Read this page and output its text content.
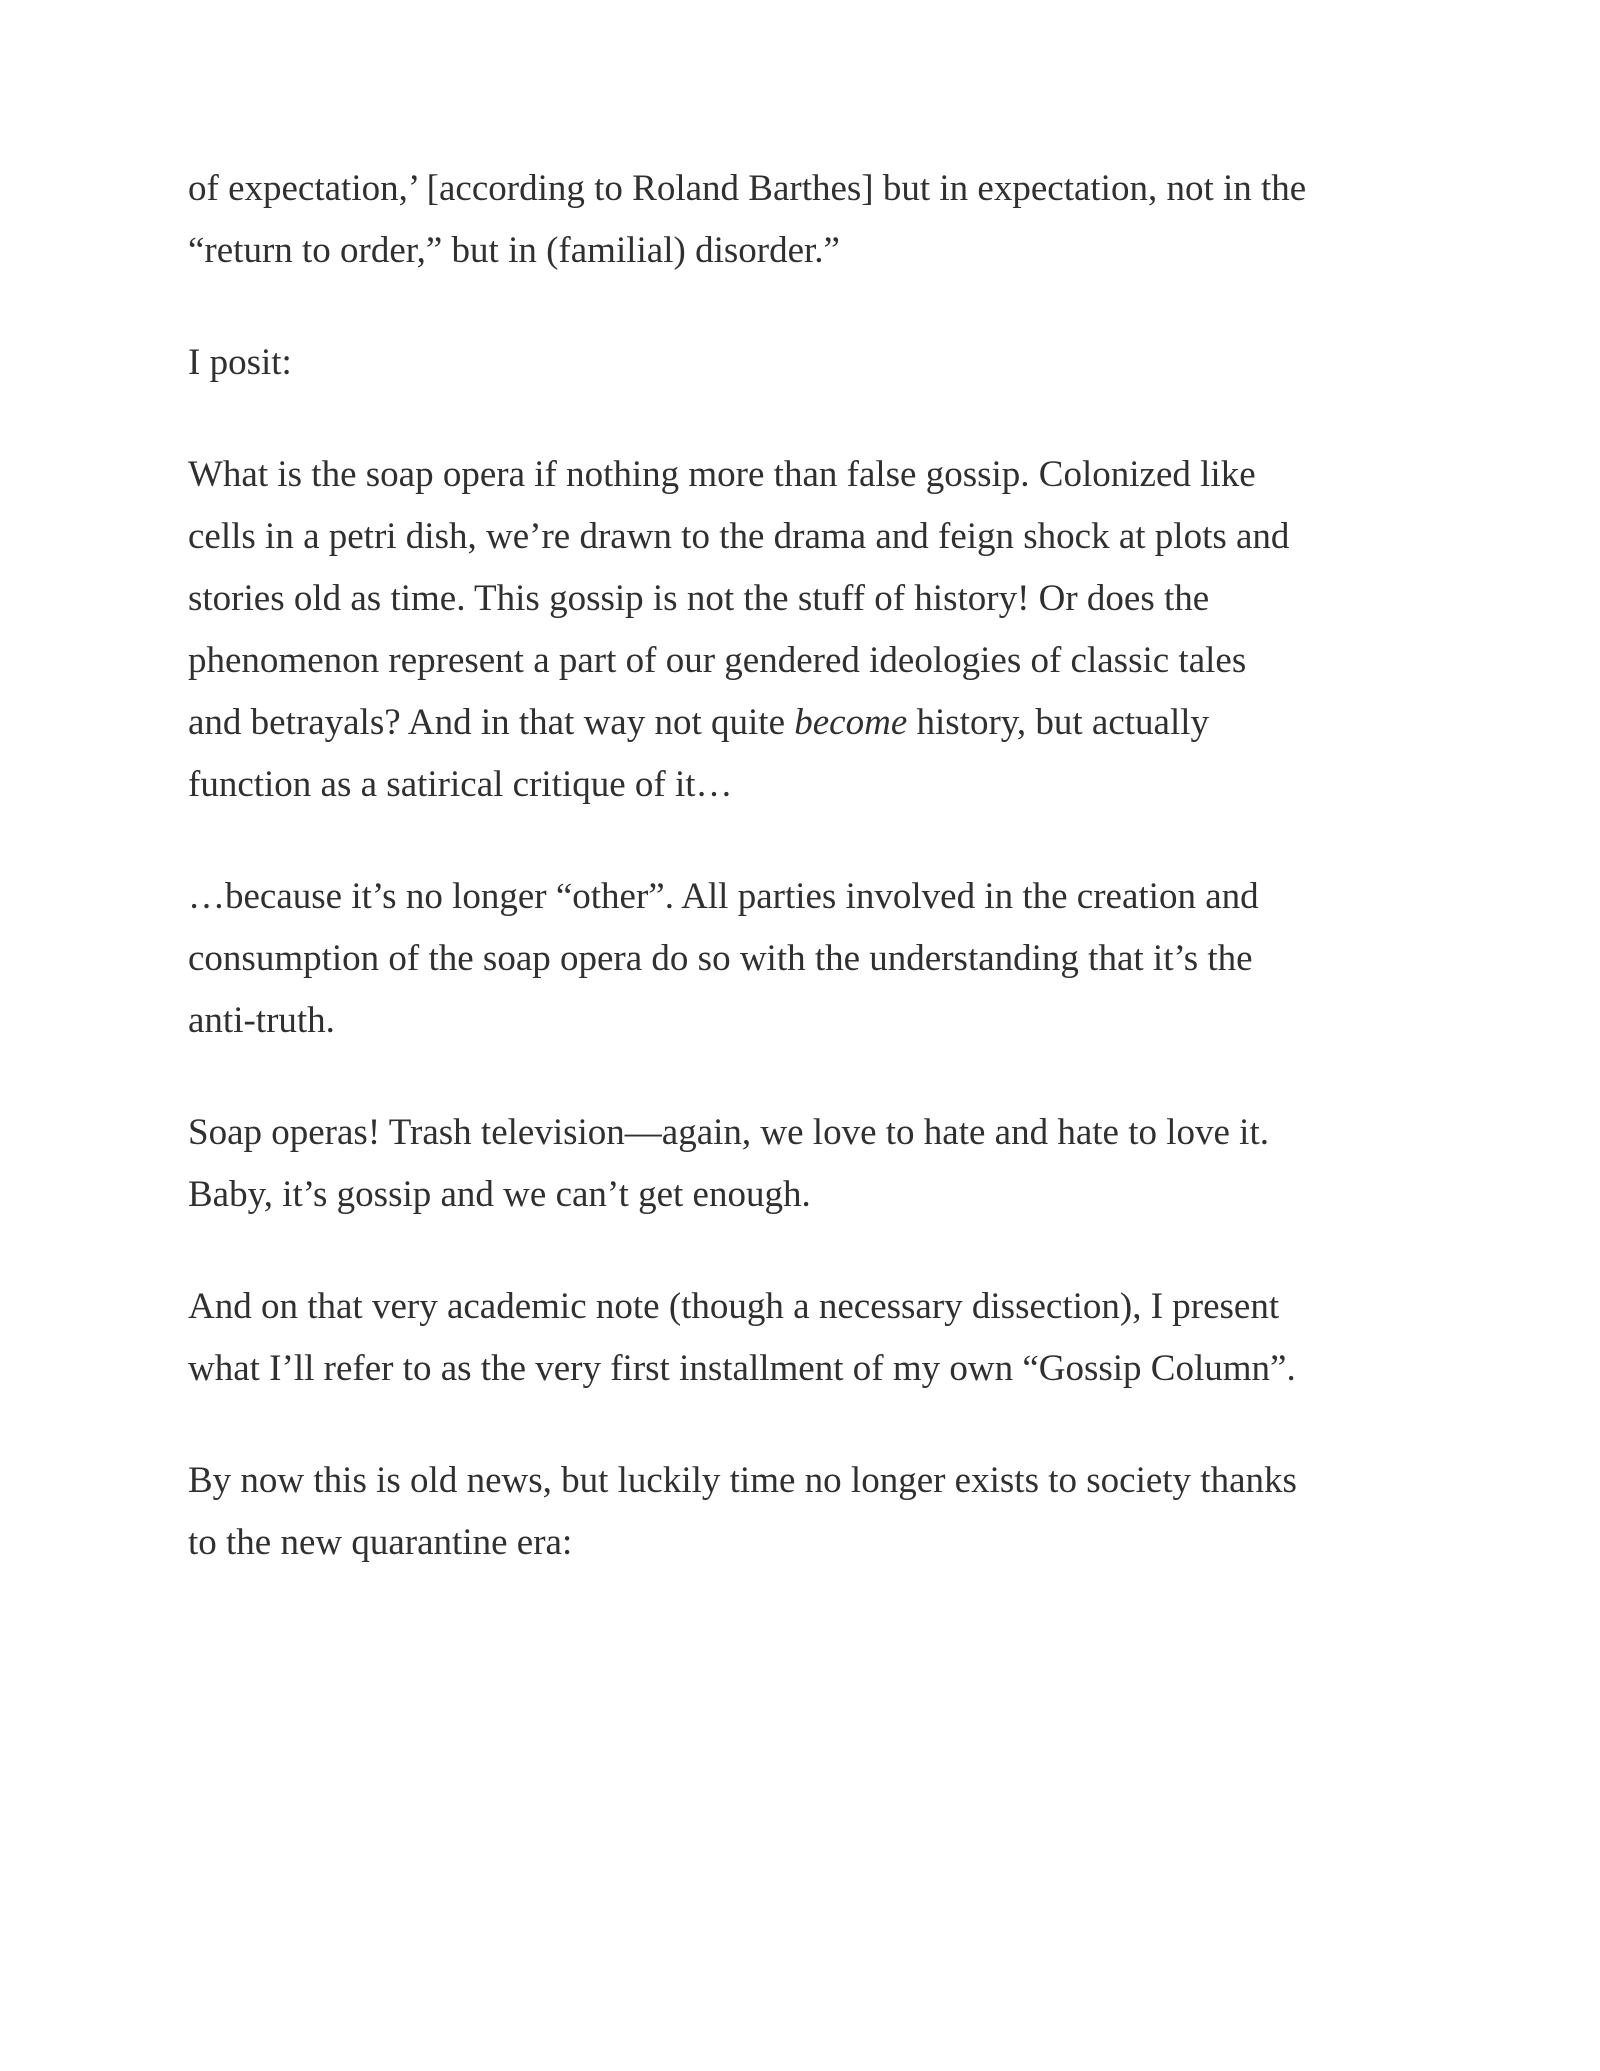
of expectation,’ [according to Roland Barthes] but in expectation, not in the
“return to order,” but in (familial) disorder.”

I posit:

What is the soap opera if nothing more than false gossip. Colonized like
cells in a petri dish, we’re drawn to the drama and feign shock at plots and
stories old as time. This gossip is not the stuff of history! Or does the
phenomenon represent a part of our gendered ideologies of classic tales
and betrayals? And in that way not quite become history, but actually
function as a satirical critique of it…

…because it’s no longer “other”. All parties involved in the creation and
consumption of the soap opera do so with the understanding that it’s the
anti-truth.

Soap operas! Trash television—again, we love to hate and hate to love it.
Baby, it’s gossip and we can’t get enough.

And on that very academic note (though a necessary dissection), I present
what I’ll refer to as the very first installment of my own “Gossip Column”.

By now this is old news, but luckily time no longer exists to society thanks
to the new quarantine era:
